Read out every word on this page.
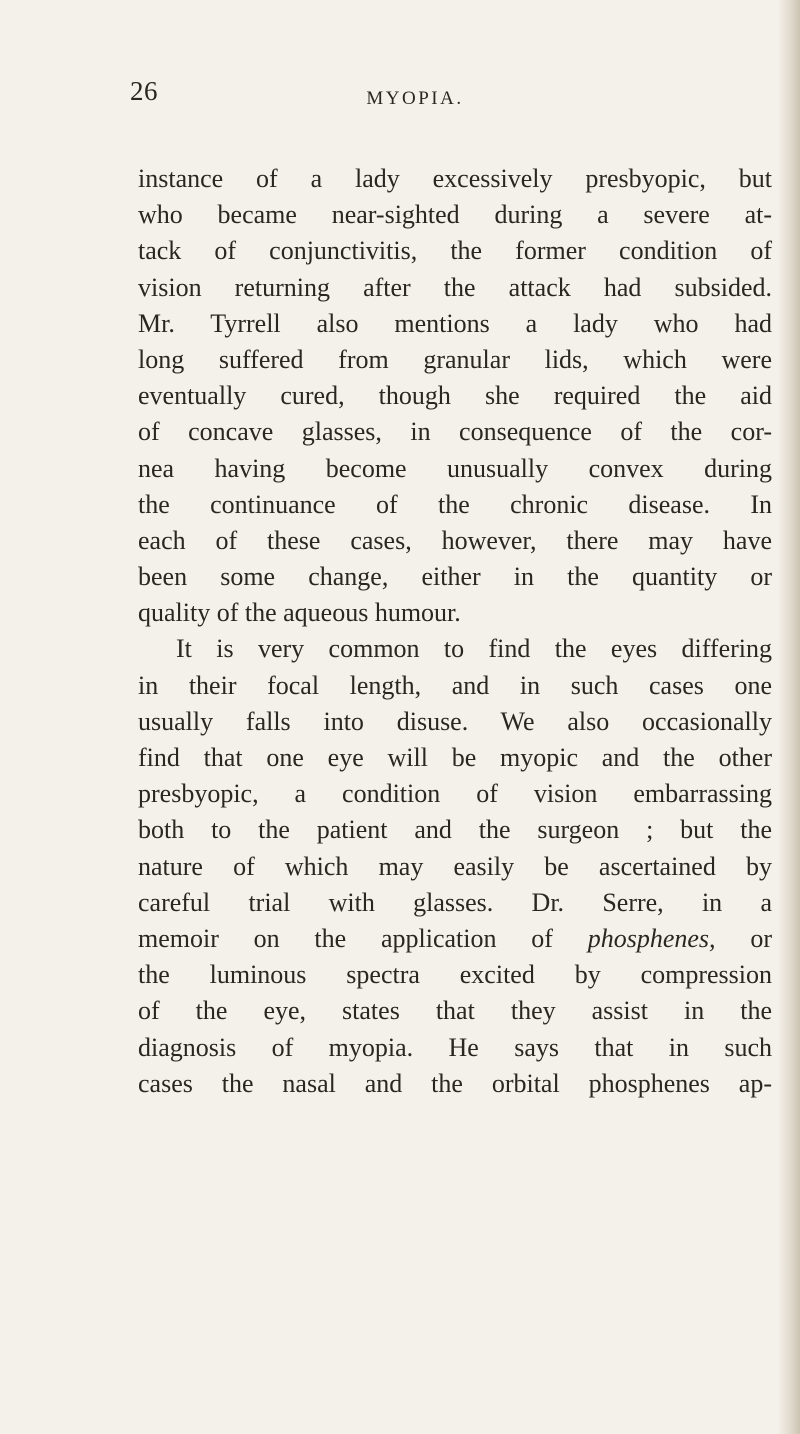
26	MYOPIA.
instance of a lady excessively presbyopic, but
who became near-sighted during a severe at-
tack of conjunctivitis, the former condition of
vision returning after the attack had subsided.
Mr. Tyrrell also mentions a lady who had
long suffered from granular lids, which were
eventually cured, though she required the aid
of concave glasses, in consequence of the cor-
nea having become unusually convex during
the continuance of the chronic disease. In
each of these cases, however, there may have
been some change, either in the quantity or
quality of the aqueous humour.
It is very common to find the eyes differing
in their focal length, and in such cases one
usually falls into disuse. We also occasionally
find that one eye will be myopic and the other
presbyopic, a condition of vision embarrassing
both to the patient and the surgeon ; but the
nature of which may easily be ascertained by
careful trial with glasses. Dr. Serre, in a
memoir on the application of phosphenes, or
the luminous spectra excited by compression
of the eye, states that they assist in the
diagnosis of myopia. He says that in such
cases the nasal and the orbital phosphenes ap-
